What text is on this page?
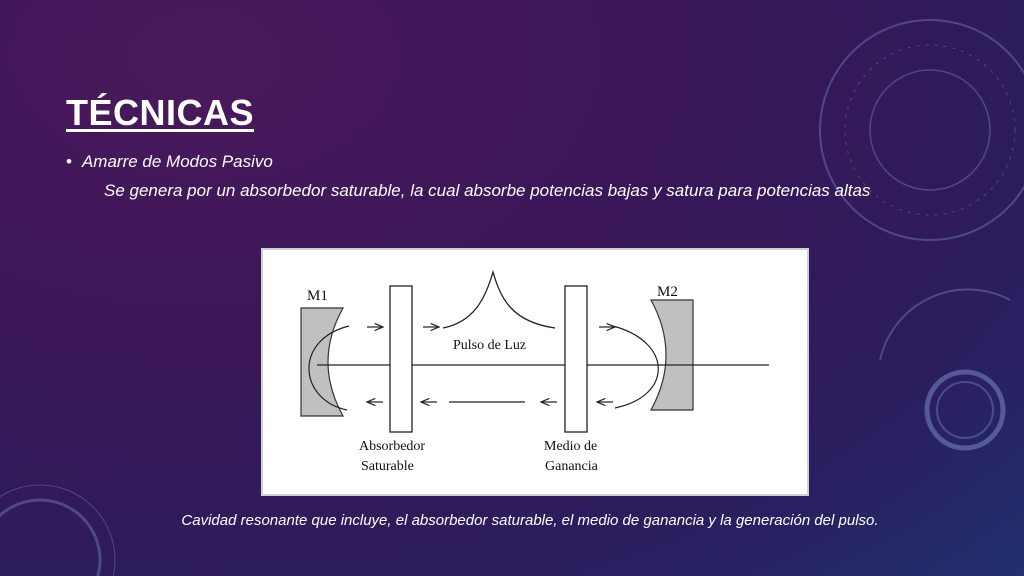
TÉCNICAS
• Amarre de Modos Pasivo
Se genera por un absorbedor saturable, la cual absorbe potencias bajas y satura para potencias altas
M1	M2
Pulso de Luz
Absorbedor
Saturable
Medio de
Ganancia
Cavidad resonante que incluye, el absorbedor saturable, el medio de ganancia y la generación del pulso.
